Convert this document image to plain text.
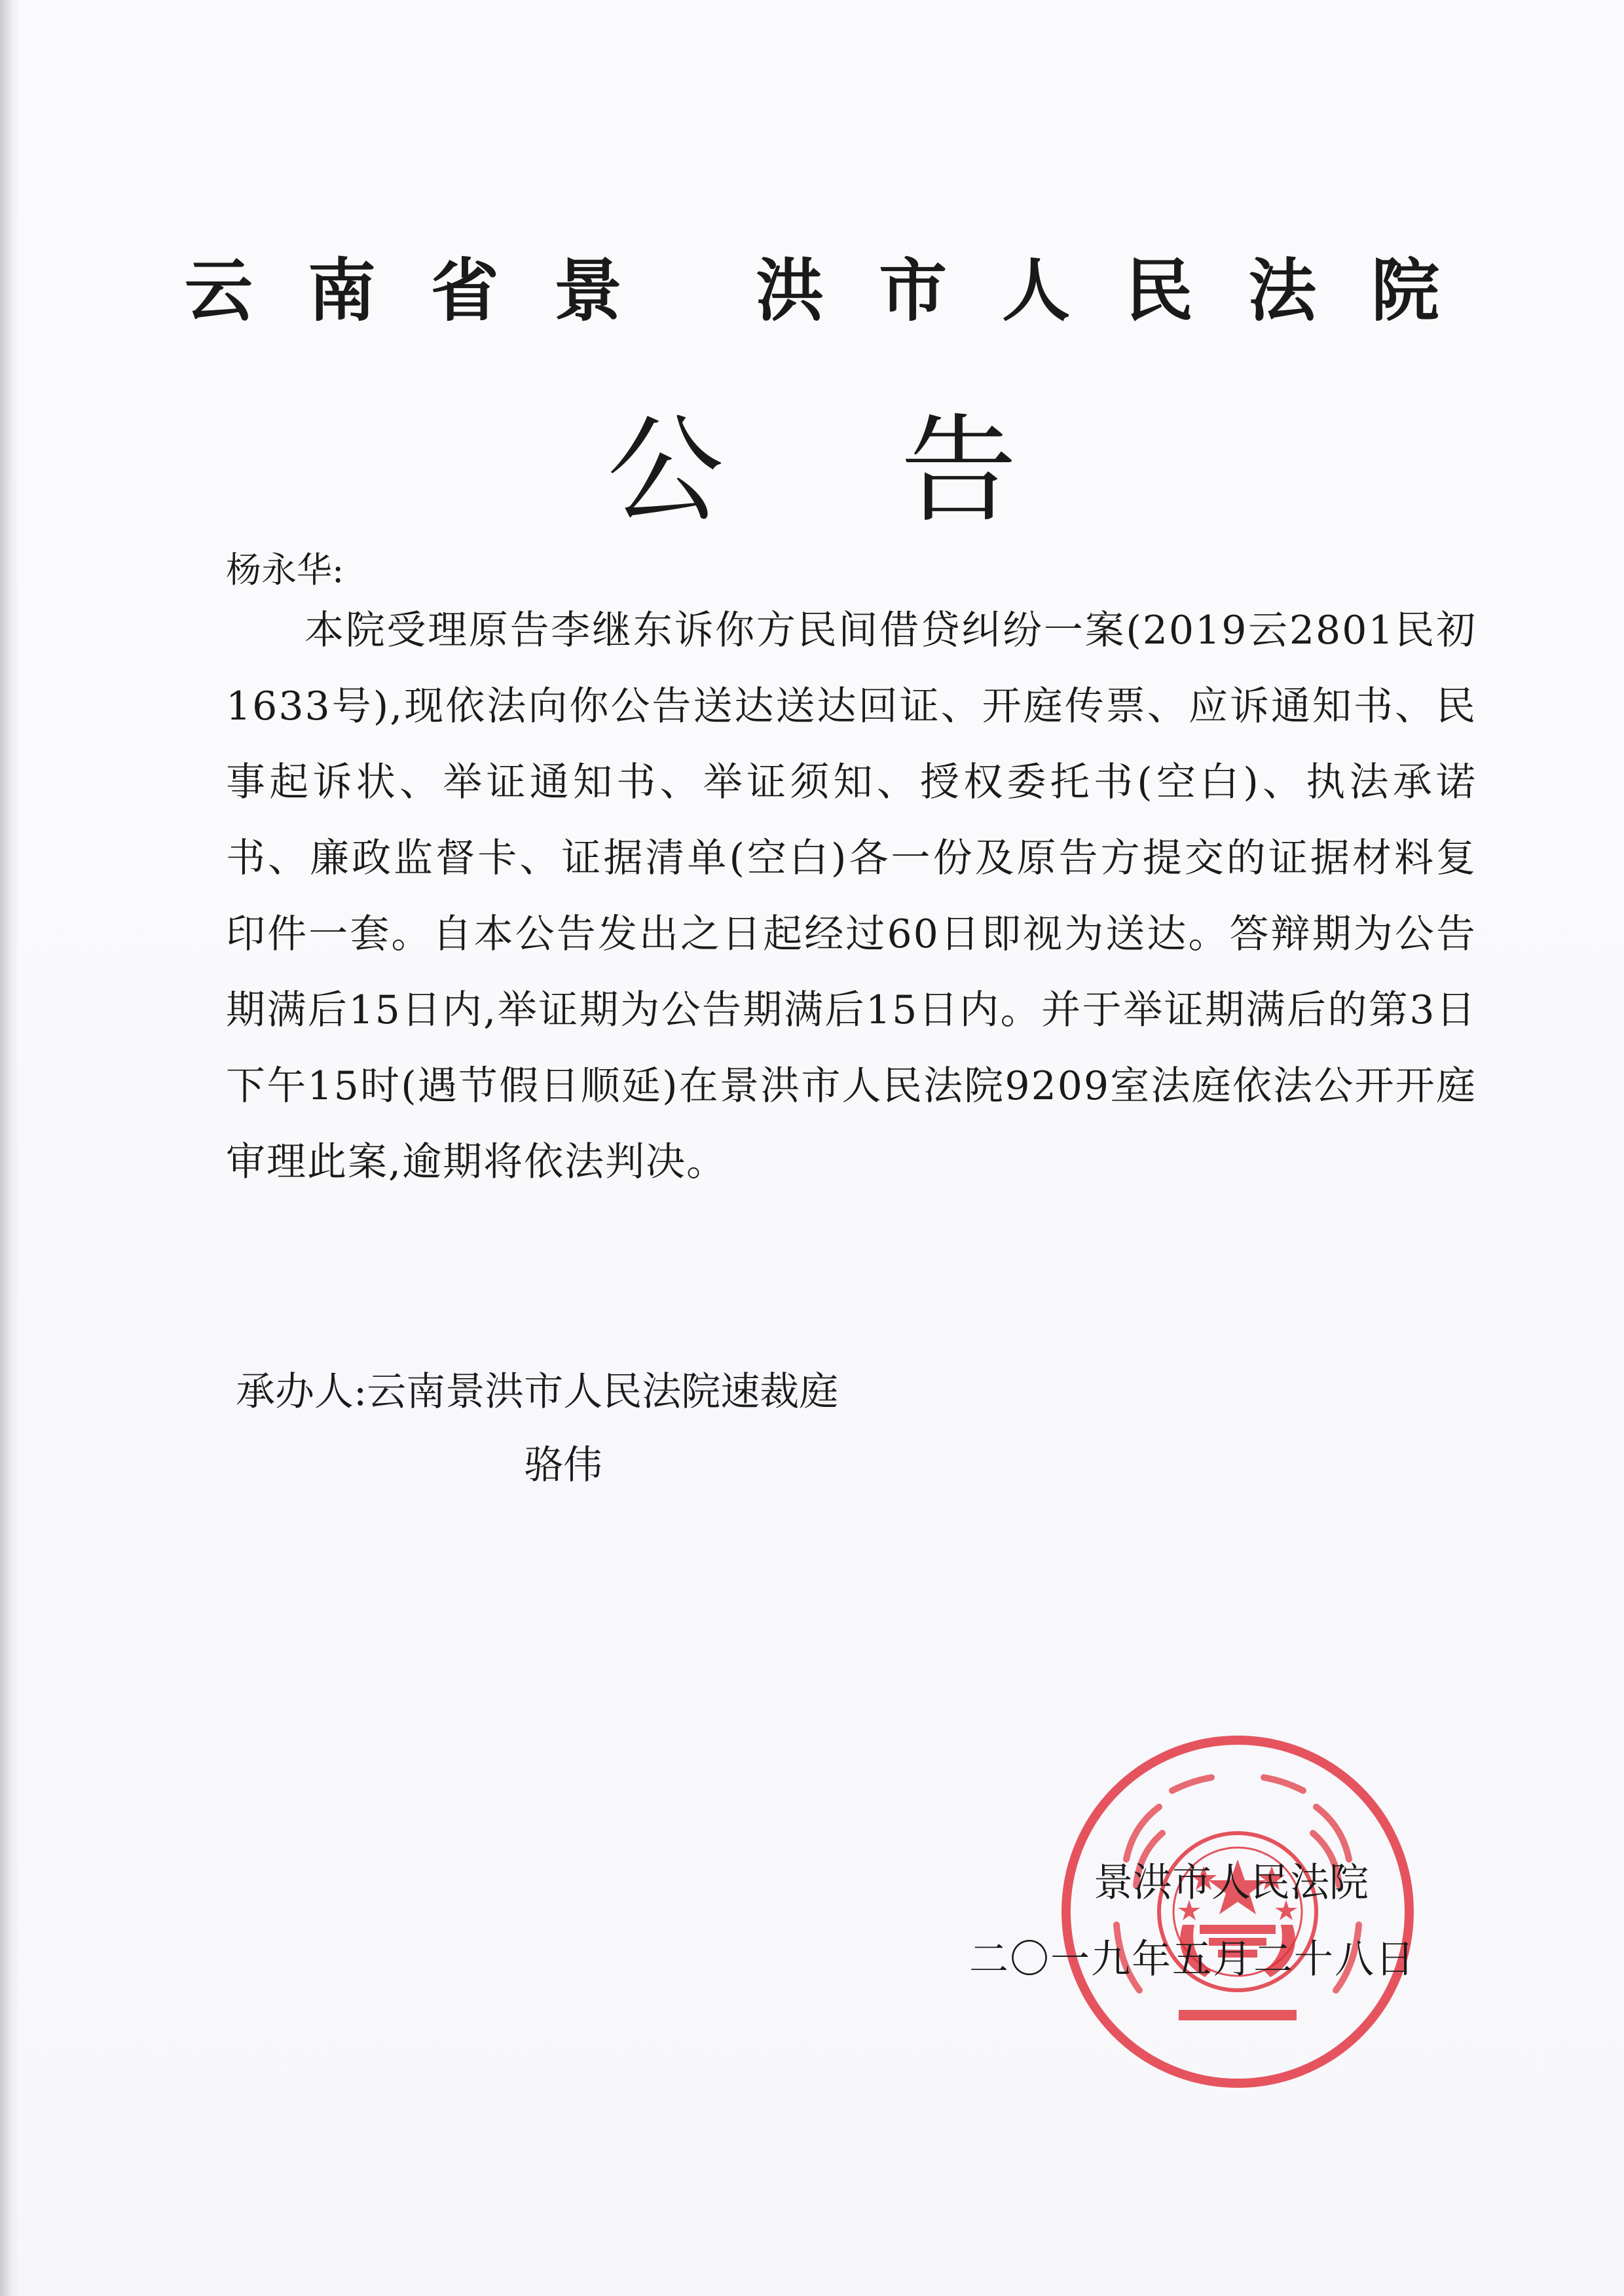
云南省景 洪市人民法院
公告
杨永华:
本院受理原告李继东诉你方民间借贷纠纷一案(2019云2801民初1633号),现依法向你公告送达送达回证、开庭传票、应诉通知书、民事起诉状、举证通知书、举证须知、授权委托书(空白)、执法承诺书、廉政监督卡、证据清单(空白)各一份及原告方提交的证据材料复印件一套。自本公告发出之日起经过60日即视为送达。答辩期为公告期满后15日内,举证期为公告期满后15日内。并于举证期满后的第3日下午15时(遇节假日顺延)在景洪市人民法院9209室法庭依法公开开庭审理此案,逾期将依法判决。
承办人:云南景洪市人民法院速裁庭
骆伟
景洪市人民法院
二〇一九年五月二十八日
